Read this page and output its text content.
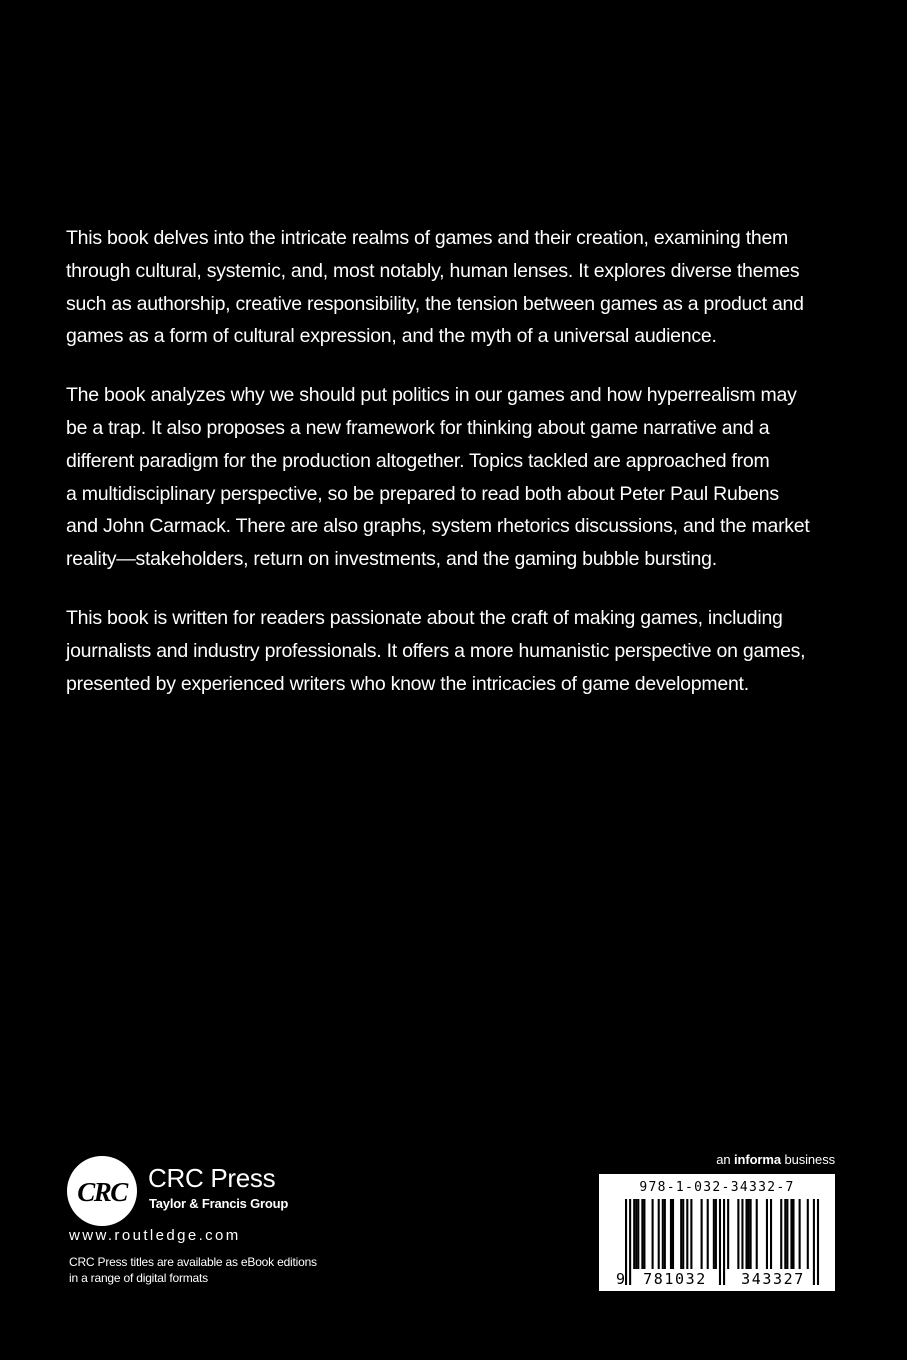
This book delves into the intricate realms of games and their creation, examining them
through cultural, systemic, and, most notably, human lenses. It explores diverse themes
such as authorship, creative responsibility, the tension between games as a product and
games as a form of cultural expression, and the myth of a universal audience.

The book analyzes why we should put politics in our games and how hyperrealism may
be a trap. It also proposes a new framework for thinking about game narrative and a
different paradigm for the production altogether. Topics tackled are approached from
a multidisciplinary perspective, so be prepared to read both about Peter Paul Rubens
and John Carmack. There are also graphs, system rhetorics discussions, and the market
reality—stakeholders, return on investments, and the gaming bubble bursting.

This book is written for readers passionate about the craft of making games, including
journalists and industry professionals. It offers a more humanistic perspective on games,
presented by experienced writers who know the intricacies of game development.

CRC CRC Press
Taylor & Francis Group
www.routledge.com
CRC Press titles are available as eBook editions
in a range of digital formats
an informa business
978-1-032-34332-7
9 781032 343327
